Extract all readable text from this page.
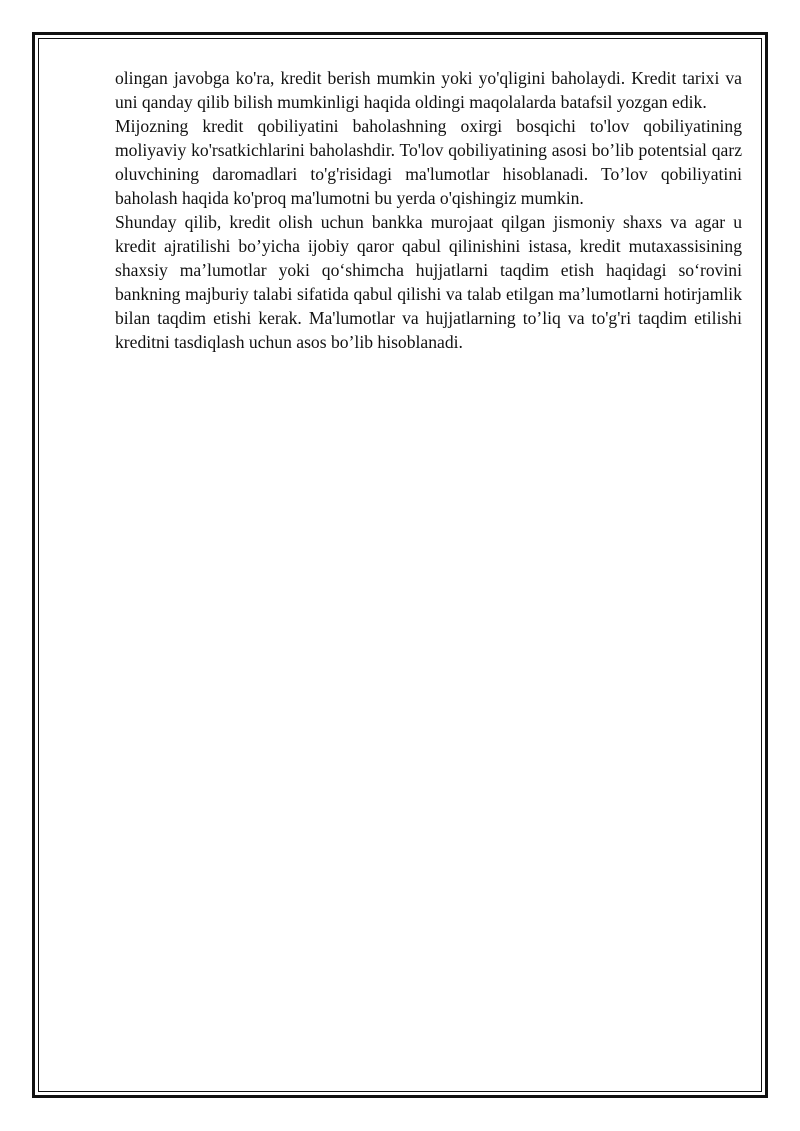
olingan javobga ko'ra, kredit berish mumkin yoki yo'qligini baholaydi. Kredit tarixi va uni qanday qilib bilish mumkinligi haqida oldingi maqolalarda batafsil yozgan edik.

Mijozning kredit qobiliyatini baholashning oxirgi bosqichi to'lov qobiliyatining moliyaviy ko'rsatkichlarini baholashdir. To'lov qobiliyatining asosi bo’lib potentsial qarz oluvchining daromadlari to'g'risidagi ma'lumotlar hisoblanadi. To’lov qobiliyatini baholash haqida ko'proq ma'lumotni bu yerda o'qishingiz mumkin.

Shunday qilib, kredit olish uchun bankka murojaat qilgan jismoniy shaxs va agar u kredit ajratilishi bo’yicha ijobiy qaror qabul qilinishini istasa, kredit mutaxassisining shaxsiy ma’lumotlar yoki qo‘shimcha hujjatlarni taqdim etish haqidagi so‘rovini bankning majburiy talabi sifatida qabul qilishi va talab etilgan ma’lumotlarni hotirjamlik bilan taqdim etishi kerak. Ma'lumotlar va hujjatlarning to’liq va to'g'ri taqdim etilishi kreditni tasdiqlash uchun asos bo’lib hisoblanadi.
